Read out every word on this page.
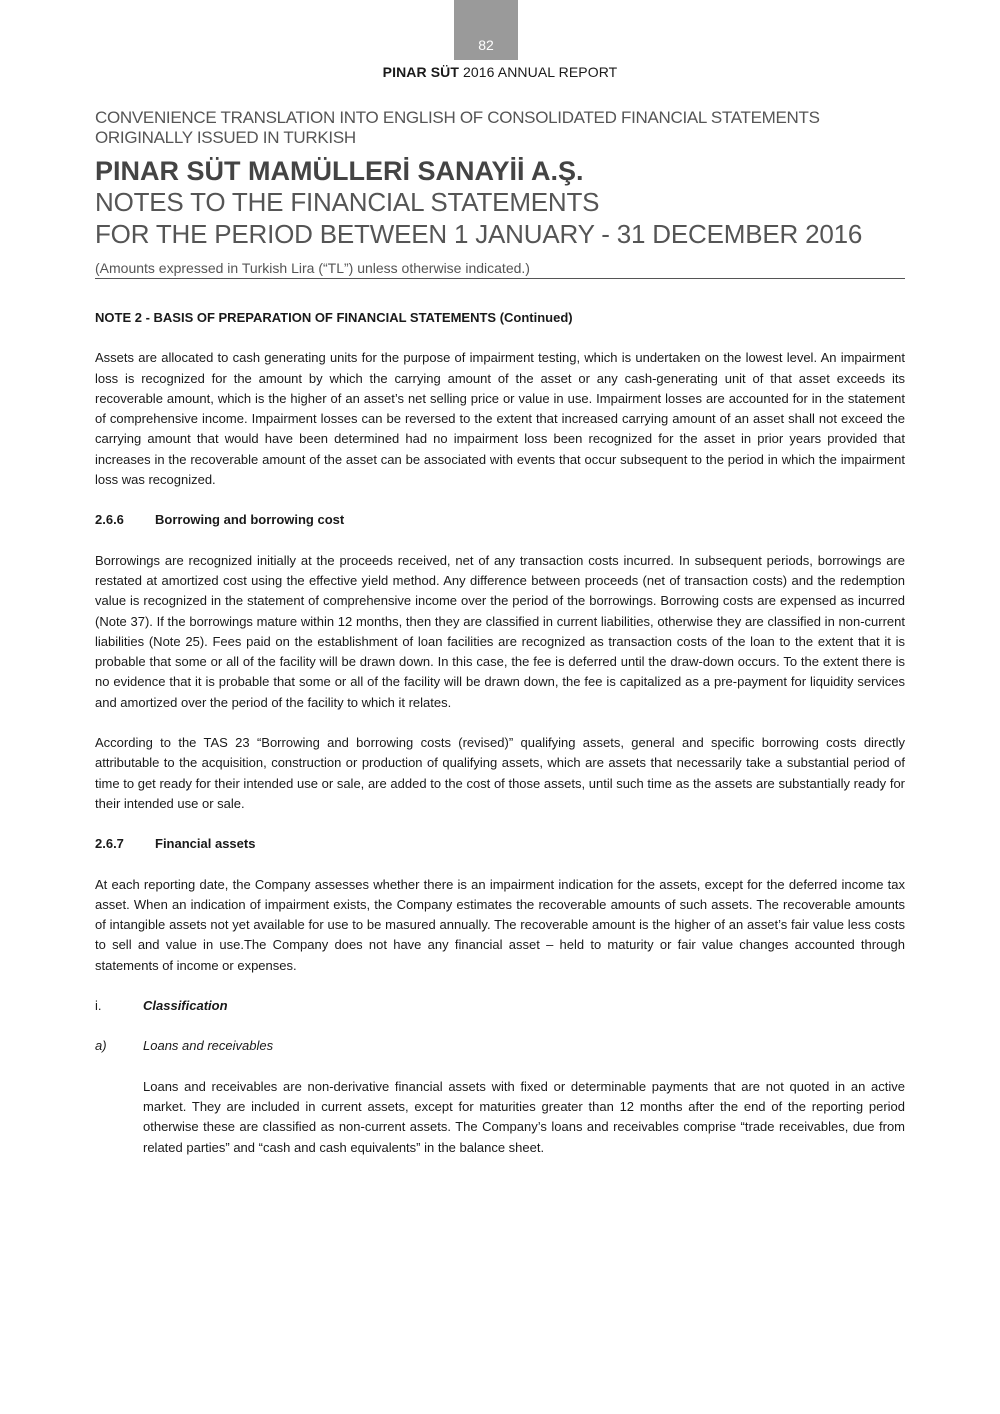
82
PINAR SÜT 2016 ANNUAL REPORT
CONVENIENCE TRANSLATION INTO ENGLISH OF CONSOLIDATED FINANCIAL STATEMENTS
ORIGINALLY ISSUED IN TURKISH
PINAR SÜT MAMÜLLERİ SANAYİİ A.Ş.
NOTES TO THE FINANCIAL STATEMENTS
FOR THE PERIOD BETWEEN 1 JANUARY - 31 DECEMBER 2016
(Amounts expressed in Turkish Lira (“TL”) unless otherwise indicated.)
NOTE 2 - BASIS OF PREPARATION OF FINANCIAL STATEMENTS (Continued)

Assets are allocated to cash generating units for the purpose of impairment testing, which is undertaken on the lowest level. An impairment loss is recognized for the amount by which the carrying amount of the asset or any cash-generating unit of that asset exceeds its recoverable amount, which is the higher of an asset’s net selling price or value in use. Impairment losses are accounted for in the statement of comprehensive income. Impairment losses can be reversed to the extent that increased carrying amount of an asset shall not exceed the carrying amount that would have been determined had no impairment loss been recognized for the asset in prior years provided that increases in the recoverable amount of the asset can be associated with events that occur subsequent to the period in which the impairment loss was recognized.

2.6.6	Borrowing and borrowing cost

Borrowings are recognized initially at the proceeds received, net of any transaction costs incurred. In subsequent periods, borrowings are restated at amortized cost using the effective yield method. Any difference between proceeds (net of transaction costs) and the redemption value is recognized in the statement of comprehensive income over the period of the borrowings. Borrowing costs are expensed as incurred (Note 37). If the borrowings mature within 12 months, then they are classified in current liabilities, otherwise they are classified in non-current liabilities (Note 25). Fees paid on the establishment of loan facilities are recognized as transaction costs of the loan to the extent that it is probable that some or all of the facility will be drawn down. In this case, the fee is deferred until the draw-down occurs. To the extent there is no evidence that it is probable that some or all of the facility will be drawn down, the fee is capitalized as a pre-payment for liquidity services and amortized over the period of the facility to which it relates.

According to the TAS 23 “Borrowing and borrowing costs (revised)” qualifying assets, general and specific borrowing costs directly attributable to the acquisition, construction or production of qualifying assets, which are assets that necessarily take a substantial period of time to get ready for their intended use or sale, are added to the cost of those assets, until such time as the assets are substantially ready for their intended use or sale.

2.6.7	Financial assets

At each reporting date, the Company assesses whether there is an impairment indication for the assets, except for the deferred income tax asset. When an indication of impairment exists, the Company estimates the recoverable amounts of such assets. The recoverable amounts of intangible assets not yet available for use to be masured annually. The recoverable amount is the higher of an asset’s fair value less costs to sell and value in use.The Company does not have any financial asset – held to maturity or fair value changes accounted through statements of income or expenses.

i.	Classification
a)	Loans and receivables

Loans and receivables are non-derivative financial assets with fixed or determinable payments that are not quoted in an active market. They are included in current assets, except for maturities greater than 12 months after the end of the reporting period otherwise these are classified as non-current assets. The Company’s loans and receivables comprise “trade receivables, due from related parties” and “cash and cash equivalents” in the balance sheet.
